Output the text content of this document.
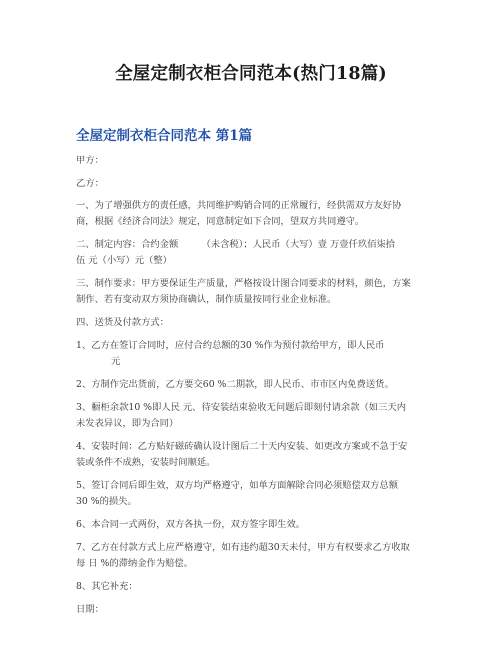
全屋定制衣柜合同范本(热门18篇)
全屋定制衣柜合同范本 第1篇
甲方：
乙方：
一、为了增强供方的责任感，共同维护购销合同的正常履行，经供需双方友好协
商，根据《经济合同法》规定，同意制定如下合同，望双方共同遵守。
二、制定内容：合约金额　　　（未含税）；人民币（大写）壹 万壹仟玖佰柒拾
伍 元（小写）元（整）
三、制作要求：甲方要保证生产质量，严格按设计图合同要求的材料，颜色，方案
制作、若有变动双方须协商确认，制作质量按同行业企业标准。
四、送货及付款方式：
1、乙方在签订合同时，应付合约总额的30 %作为预付款给甲方，即人民币
元
2、方制作完出货前，乙方要交60 %二期款，即人民币、市市区内免费送货。
3、橱柜余款10 %即人民 元、待安装结束验收无问题后即刻付请余款（如三天内
未发表异议，即为合同）
4、安装时间：乙方贴好磁砖确认设计图后二十天内安装、如更改方案或不急于安
装或条件不成熟，安装时间顺延。
5、签订合同后即生效，双方均严格遵守，如单方面解除合同必须赔偿双方总额
30 %的损失。
6、本合同一式两份，双方各执一份，双方签字即生效。
7、乙方在付款方式上应严格遵守，如有违约超30天未付，甲方有权要求乙方收取
每 日 %的滞纳金作为赔偿。
8、其它补充：
日期：
